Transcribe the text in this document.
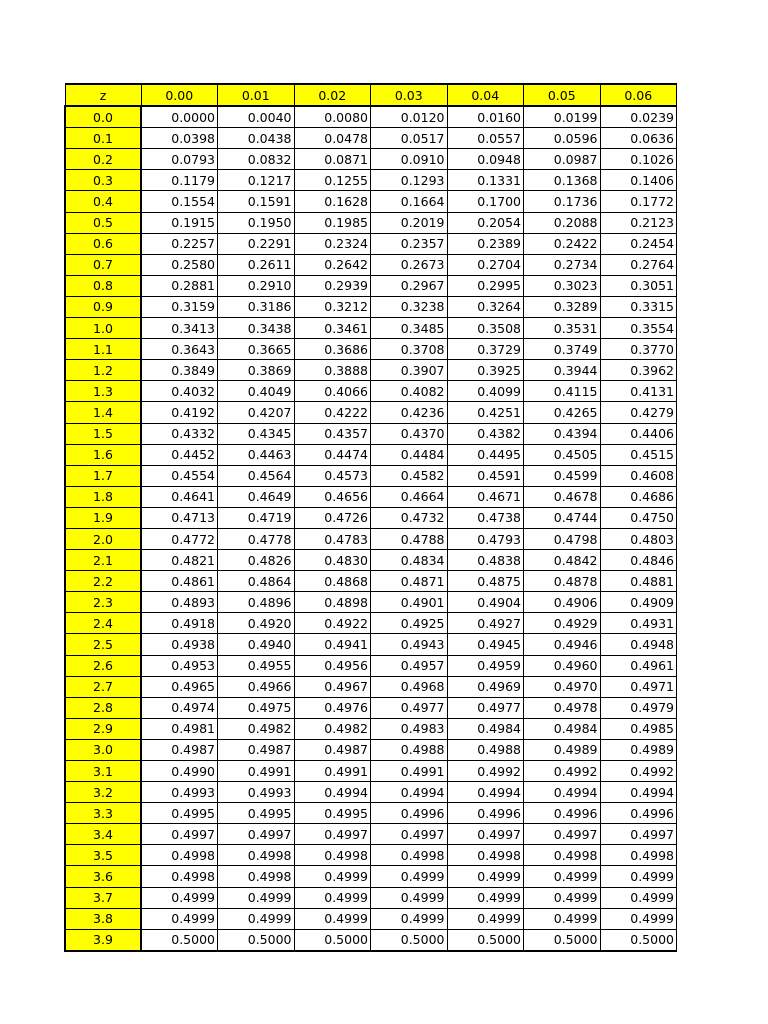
z	0.00	0.01	0.02	0.03	0.04	0.05	0.06
0.0	0.0000	0.0040	0.0080	0.0120	0.0160	0.0199	0.0239
0.1	0.0398	0.0438	0.0478	0.0517	0.0557	0.0596	0.0636
0.2	0.0793	0.0832	0.0871	0.0910	0.0948	0.0987	0.1026
0.3	0.1179	0.1217	0.1255	0.1293	0.1331	0.1368	0.1406
0.4	0.1554	0.1591	0.1628	0.1664	0.1700	0.1736	0.1772
0.5	0.1915	0.1950	0.1985	0.2019	0.2054	0.2088	0.2123
0.6	0.2257	0.2291	0.2324	0.2357	0.2389	0.2422	0.2454
0.7	0.2580	0.2611	0.2642	0.2673	0.2704	0.2734	0.2764
0.8	0.2881	0.2910	0.2939	0.2967	0.2995	0.3023	0.3051
0.9	0.3159	0.3186	0.3212	0.3238	0.3264	0.3289	0.3315
1.0	0.3413	0.3438	0.3461	0.3485	0.3508	0.3531	0.3554
1.1	0.3643	0.3665	0.3686	0.3708	0.3729	0.3749	0.3770
1.2	0.3849	0.3869	0.3888	0.3907	0.3925	0.3944	0.3962
1.3	0.4032	0.4049	0.4066	0.4082	0.4099	0.4115	0.4131
1.4	0.4192	0.4207	0.4222	0.4236	0.4251	0.4265	0.4279
1.5	0.4332	0.4345	0.4357	0.4370	0.4382	0.4394	0.4406
1.6	0.4452	0.4463	0.4474	0.4484	0.4495	0.4505	0.4515
1.7	0.4554	0.4564	0.4573	0.4582	0.4591	0.4599	0.4608
1.8	0.4641	0.4649	0.4656	0.4664	0.4671	0.4678	0.4686
1.9	0.4713	0.4719	0.4726	0.4732	0.4738	0.4744	0.4750
2.0	0.4772	0.4778	0.4783	0.4788	0.4793	0.4798	0.4803
2.1	0.4821	0.4826	0.4830	0.4834	0.4838	0.4842	0.4846
2.2	0.4861	0.4864	0.4868	0.4871	0.4875	0.4878	0.4881
2.3	0.4893	0.4896	0.4898	0.4901	0.4904	0.4906	0.4909
2.4	0.4918	0.4920	0.4922	0.4925	0.4927	0.4929	0.4931
2.5	0.4938	0.4940	0.4941	0.4943	0.4945	0.4946	0.4948
2.6	0.4953	0.4955	0.4956	0.4957	0.4959	0.4960	0.4961
2.7	0.4965	0.4966	0.4967	0.4968	0.4969	0.4970	0.4971
2.8	0.4974	0.4975	0.4976	0.4977	0.4977	0.4978	0.4979
2.9	0.4981	0.4982	0.4982	0.4983	0.4984	0.4984	0.4985
3.0	0.4987	0.4987	0.4987	0.4988	0.4988	0.4989	0.4989
3.1	0.4990	0.4991	0.4991	0.4991	0.4992	0.4992	0.4992
3.2	0.4993	0.4993	0.4994	0.4994	0.4994	0.4994	0.4994
3.3	0.4995	0.4995	0.4995	0.4996	0.4996	0.4996	0.4996
3.4	0.4997	0.4997	0.4997	0.4997	0.4997	0.4997	0.4997
3.5	0.4998	0.4998	0.4998	0.4998	0.4998	0.4998	0.4998
3.6	0.4998	0.4998	0.4999	0.4999	0.4999	0.4999	0.4999
3.7	0.4999	0.4999	0.4999	0.4999	0.4999	0.4999	0.4999
3.8	0.4999	0.4999	0.4999	0.4999	0.4999	0.4999	0.4999
3.9	0.5000	0.5000	0.5000	0.5000	0.5000	0.5000	0.5000
